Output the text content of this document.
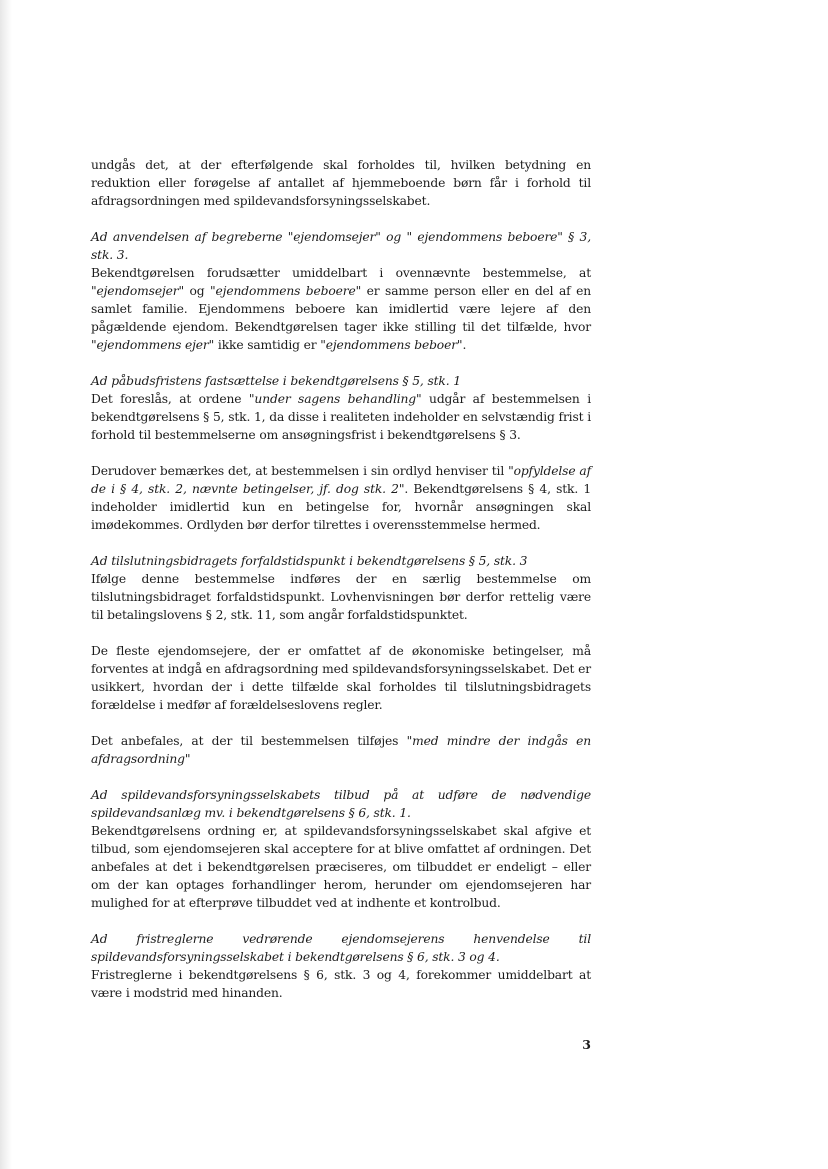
undgås det, at der efterfølgende skal forholdes til, hvilken betydning en reduktion eller forøgelse af antallet af hjemmeboende børn får i forhold til afdragsordningen med spildevandsforsyningsselskabet.

Ad anvendelsen af begreberne "ejendomsejer" og " ejendommens beboere" § 3, stk. 3.

Bekendtgørelsen forudsætter umiddelbart i ovennævnte bestemmelse, at "ejendomsejer" og "ejendommens beboere" er samme person eller en del af en samlet familie. Ejendommens beboere kan imidlertid være lejere af den pågældende ejendom. Bekendtgørelsen tager ikke stilling til det tilfælde, hvor "ejendommens ejer" ikke samtidig er "ejendommens beboer".

Ad påbudsfristens fastsættelse i bekendtgørelsens § 5, stk. 1

Det foreslås, at ordene "under sagens behandling" udgår af bestemmelsen i bekendtgørelsens § 5, stk. 1, da disse i realiteten indeholder en selvstændig frist i forhold til bestemmelserne om ansøgningsfrist i bekendtgørelsens § 3.

Derudover bemærkes det, at bestemmelsen i sin ordlyd henviser til "opfyldelse af de i § 4, stk. 2, nævnte betingelser, jf. dog stk. 2". Bekendtgørelsens § 4, stk. 1 indeholder imidlertid kun en betingelse for, hvornår ansøgningen skal imødekommes. Ordlyden bør derfor tilrettes i overensstemmelse hermed.

Ad tilslutningsbidragets forfaldstidspunkt i bekendtgørelsens § 5, stk. 3

Ifølge denne bestemmelse indføres der en særlig bestemmelse om tilslutningsbidraget forfaldstidspunkt. Lovhenvisningen bør derfor rettelig være til betalingslovens § 2, stk. 11, som angår forfaldstidspunktet.

De fleste ejendomsejere, der er omfattet af de økonomiske betingelser, må forventes at indgå en afdragsordning med spildevandsforsyningsselskabet. Det er usikkert, hvordan der i dette tilfælde skal forholdes til tilslutningsbidragets forældelse i medfør af forældelseslovens regler.

Det anbefales, at der til bestemmelsen tilføjes "med mindre der indgås en afdragsordning"

Ad spildevandsforsyningsselskabets tilbud på at udføre de nødvendige spildevandsanlæg mv. i bekendtgørelsens § 6, stk. 1.

Bekendtgørelsens ordning er, at spildevandsforsyningsselskabet skal afgive et tilbud, som ejendomsejeren skal acceptere for at blive omfattet af ordningen. Det anbefales at det i bekendtgørelsen præciseres, om tilbuddet er endeligt – eller om der kan optages forhandlinger herom, herunder om ejendomsejeren har mulighed for at efterprøve tilbuddet ved at indhente et kontrolbud.

Ad fristreglerne vedrørende ejendomsejerens henvendelse til spildevandsforsyningsselskabet i bekendtgørelsens § 6, stk. 3 og 4.

Fristreglerne i bekendtgørelsens § 6, stk. 3 og 4, forekommer umiddelbart at være i modstrid med hinanden.

3
